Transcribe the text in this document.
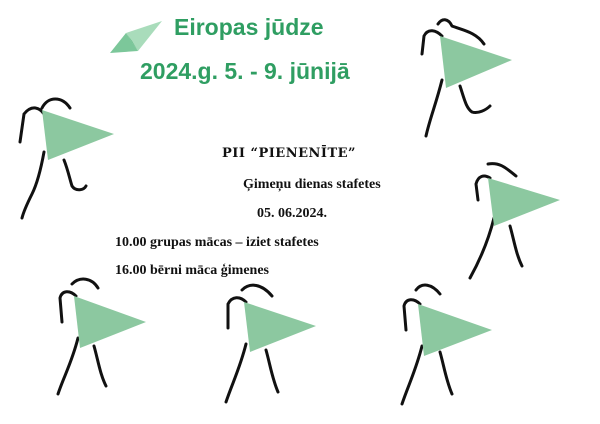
Eiropas jūdze
2024.g. 5. - 9. jūnijā
PII “PIENENĪTE”
Ģimeņu dienas stafetes
05. 06.2024.
10.00 grupas mācas – iziet stafetes
16.00 bērni māca ģimenes
